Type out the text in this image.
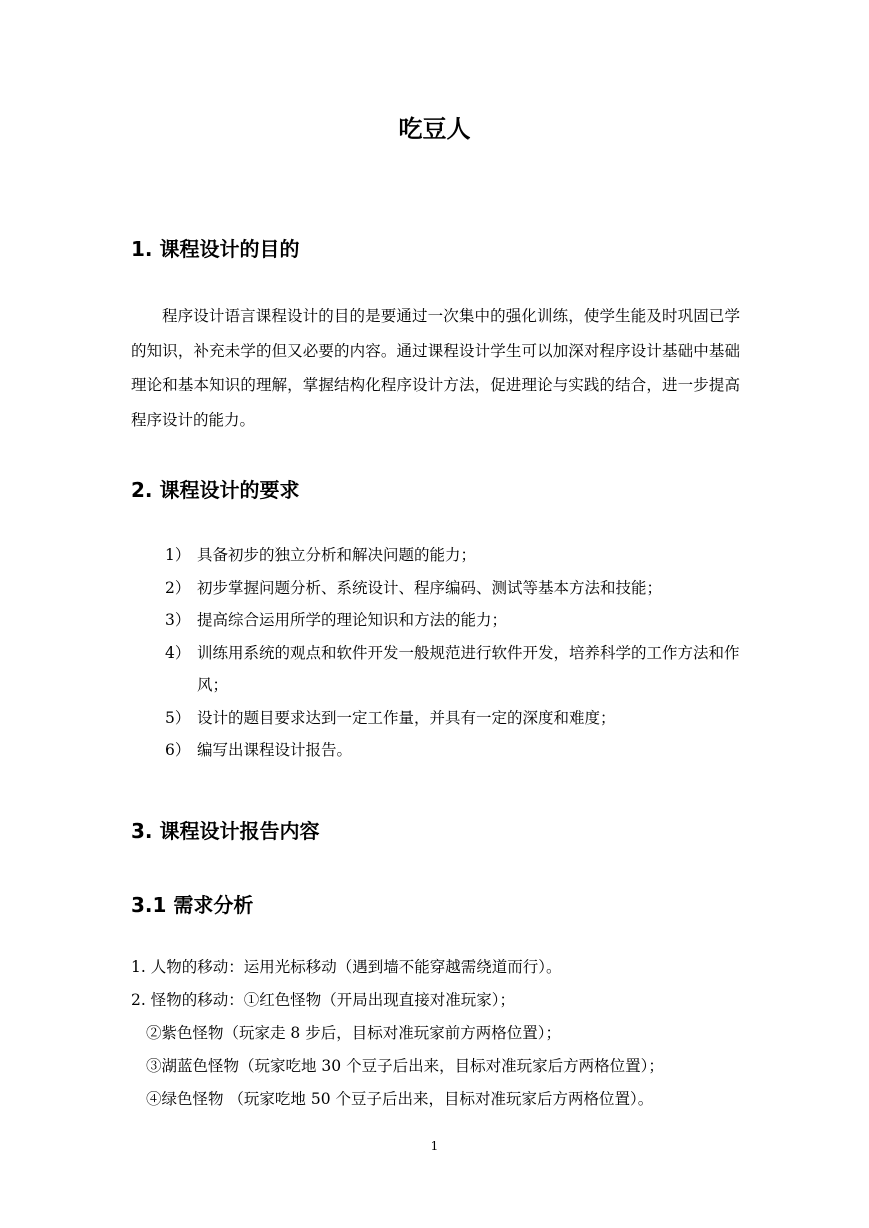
吃豆人
1. 课程设计的目的

程序设计语言课程设计的目的是要通过一次集中的强化训练，使学生能及时巩固已学的知识，补充未学的但又必要的内容。通过课程设计学生可以加深对程序设计基础中基础理论和基本知识的理解，掌握结构化程序设计方法，促进理论与实践的结合，进一步提高程序设计的能力。

2. 课程设计的要求
1） 具备初步的独立分析和解决问题的能力；
2） 初步掌握问题分析、系统设计、程序编码、测试等基本方法和技能；
3） 提高综合运用所学的理论知识和方法的能力；
4） 训练用系统的观点和软件开发一般规范进行软件开发，培养科学的工作方法和作风；
5） 设计的题目要求达到一定工作量，并具有一定的深度和难度；
6） 编写出课程设计报告。
3. 课程设计报告内容
3.1 需求分析

1. 人物的移动：运用光标移动（遇到墙不能穿越需绕道而行）。

2. 怪物的移动：①红色怪物（开局出现直接对准玩家）；

②紫色怪物（玩家走 8 步后，目标对准玩家前方两格位置）；

③湖蓝色怪物（玩家吃地 30 个豆子后出来，目标对准玩家后方两格位置）；

④绿色怪物 （玩家吃地 50 个豆子后出来，目标对准玩家后方两格位置）。

1
